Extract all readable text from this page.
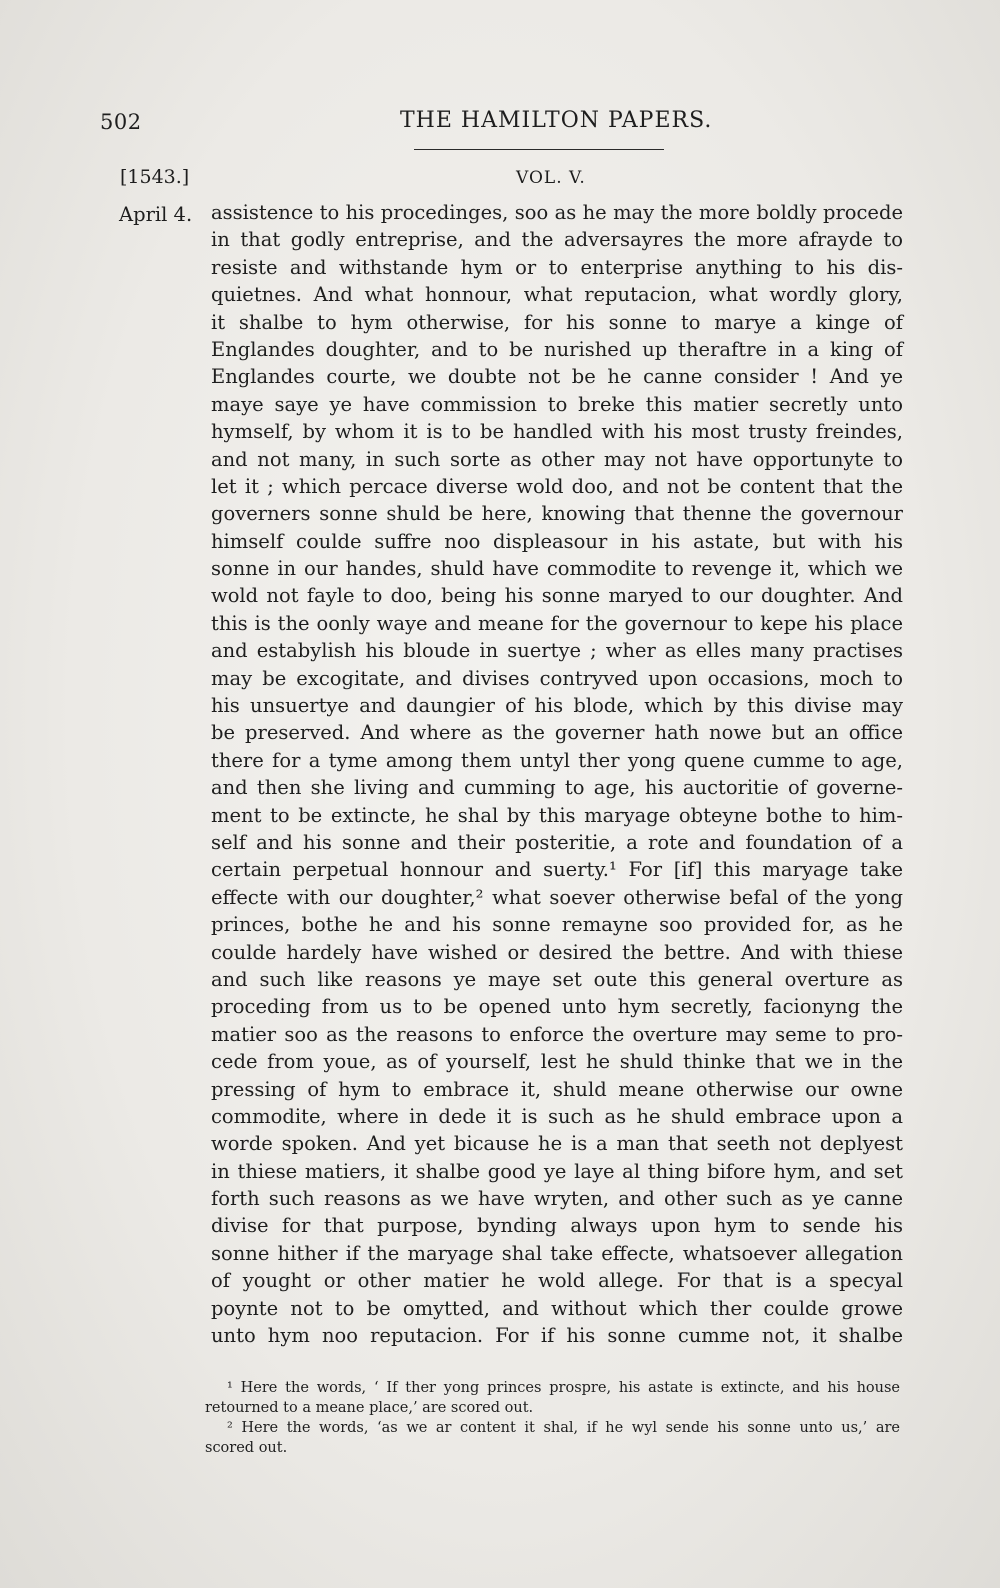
502	THE HAMILTON PAPERS.
[1543.]	VOL. V.
April 4. assistence to his procedinges, soo as he may the more boldly procede
in that godly entreprise, and the adversayres the more afrayde to
resiste and withstande hym or to enterprise anything to his dis-
quietnes. And what honnour, what reputacion, what wordly glory,
it shalbe to hym otherwise, for his sonne to marye a kinge of
Englandes doughter, and to be nurished up theraftre in a king of
Englandes courte, we doubte not be he canne consider ! And ye
maye saye ye have commission to breke this matier secretly unto
hymself, by whom it is to be handled with his most trusty freindes,
and not many, in such sorte as other may not have opportunyte to
let it ; which percace diverse wold doo, and not be content that the
governers sonne shuld be here, knowing that thenne the governour
himself coulde suffre noo displeasour in his astate, but with his
sonne in our handes, shuld have commodite to revenge it, which we
wold not fayle to doo, being his sonne maryed to our doughter. And
this is the oonly waye and meane for the governour to kepe his place
and estabylish his bloude in suertye ; wher as elles many practises
may be excogitate, and divises contryved upon occasions, moch to
his unsuertye and daungier of his blode, which by this divise may
be preserved. And where as the governer hath nowe but an office
there for a tyme among them untyl ther yong quene cumme to age,
and then she living and cumming to age, his auctoritie of governe-
ment to be extincte, he shal by this maryage obteyne bothe to him-
self and his sonne and their posteritie, a rote and foundation of a
certain perpetual honnour and suerty.¹ For [if] this maryage take
effecte with our doughter,² what soever otherwise befal of the yong
princes, bothe he and his sonne remayne soo provided for, as he
coulde hardely have wished or desired the bettre. And with thiese
and such like reasons ye maye set oute this general overture as
proceding from us to be opened unto hym secretly, facionyng the
matier soo as the reasons to enforce the overture may seme to pro-
cede from youe, as of yourself, lest he shuld thinke that we in the
pressing of hym to embrace it, shuld meane otherwise our owne
commodite, where in dede it is such as he shuld embrace upon a
worde spoken. And yet bicause he is a man that seeth not deplyest
in thiese matiers, it shalbe good ye laye al thing bifore hym, and set
forth such reasons as we have wryten, and other such as ye canne
divise for that purpose, bynding always upon hym to sende his
sonne hither if the maryage shal take effecte, whatsoever allegation
of yought or other matier he wold allege. For that is a specyal
poynte not to be omytted, and without which ther coulde growe
unto hym noo reputacion. For if his sonne cumme not, it shalbe
¹ Here the words, ‘ If ther yong princes prospre, his astate is extincte, and his house
retourned to a meane place,’ are scored out.
² Here the words, ‘as we ar content it shal, if he wyl sende his sonne unto us,’ are
scored out.
